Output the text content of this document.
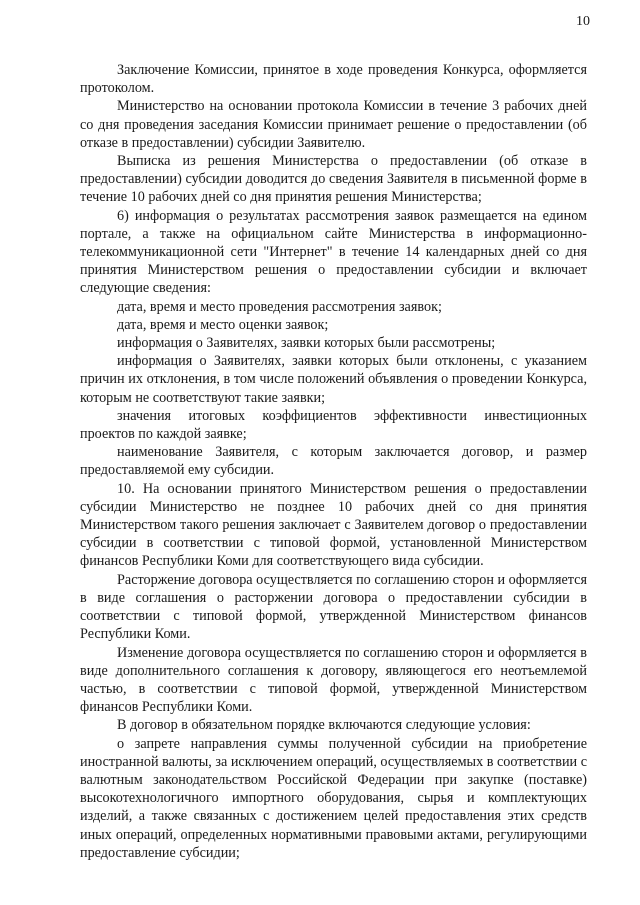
10

Заключение Комиссии, принятое в ходе проведения Конкурса, оформляется протоколом.

Министерство на основании протокола Комиссии в течение 3 рабочих дней со дня проведения заседания Комиссии принимает решение о предоставлении (об отказе в предоставлении) субсидии Заявителю.

Выписка из решения Министерства о предоставлении (об отказе в предоставлении) субсидии доводится до сведения Заявителя в письменной форме в течение 10 рабочих дней со дня принятия решения Министерства;

6) информация о результатах рассмотрения заявок размещается на едином портале, а также на официальном сайте Министерства в информационно-телекоммуникационной сети "Интернет" в течение 14 календарных дней со дня принятия Министерством решения о предоставлении субсидии и включает следующие сведения:

дата, время и место проведения рассмотрения заявок;

дата, время и место оценки заявок;

информация о Заявителях, заявки которых были рассмотрены;

информация о Заявителях, заявки которых были отклонены, с указанием причин их отклонения, в том числе положений объявления о проведении Конкурса, которым не соответствуют такие заявки;

значения итоговых коэффициентов эффективности инвестиционных проектов по каждой заявке;

наименование Заявителя, с которым заключается договор, и размер предоставляемой ему субсидии.

10. На основании принятого Министерством решения о предоставлении субсидии Министерство не позднее 10 рабочих дней со дня принятия Министерством такого решения заключает с Заявителем договор о предоставлении субсидии в соответствии с типовой формой, установленной Министерством финансов Республики Коми для соответствующего вида субсидии.

Расторжение договора осуществляется по соглашению сторон и оформляется в виде соглашения о расторжении договора о предоставлении субсидии в соответствии с типовой формой, утвержденной Министерством финансов Республики Коми.

Изменение договора осуществляется по соглашению сторон и оформляется в виде дополнительного соглашения к договору, являющегося его неотъемлемой частью, в соответствии с типовой формой, утвержденной Министерством финансов Республики Коми.

В договор в обязательном порядке включаются следующие условия:

о запрете направления суммы полученной субсидии на приобретение иностранной валюты, за исключением операций, осуществляемых в соответствии с валютным законодательством Российской Федерации при закупке (поставке) высокотехнологичного импортного оборудования, сырья и комплектующих изделий, а также связанных с достижением целей предоставления этих средств иных операций, определенных нормативными правовыми актами, регулирующими предоставление субсидии;
